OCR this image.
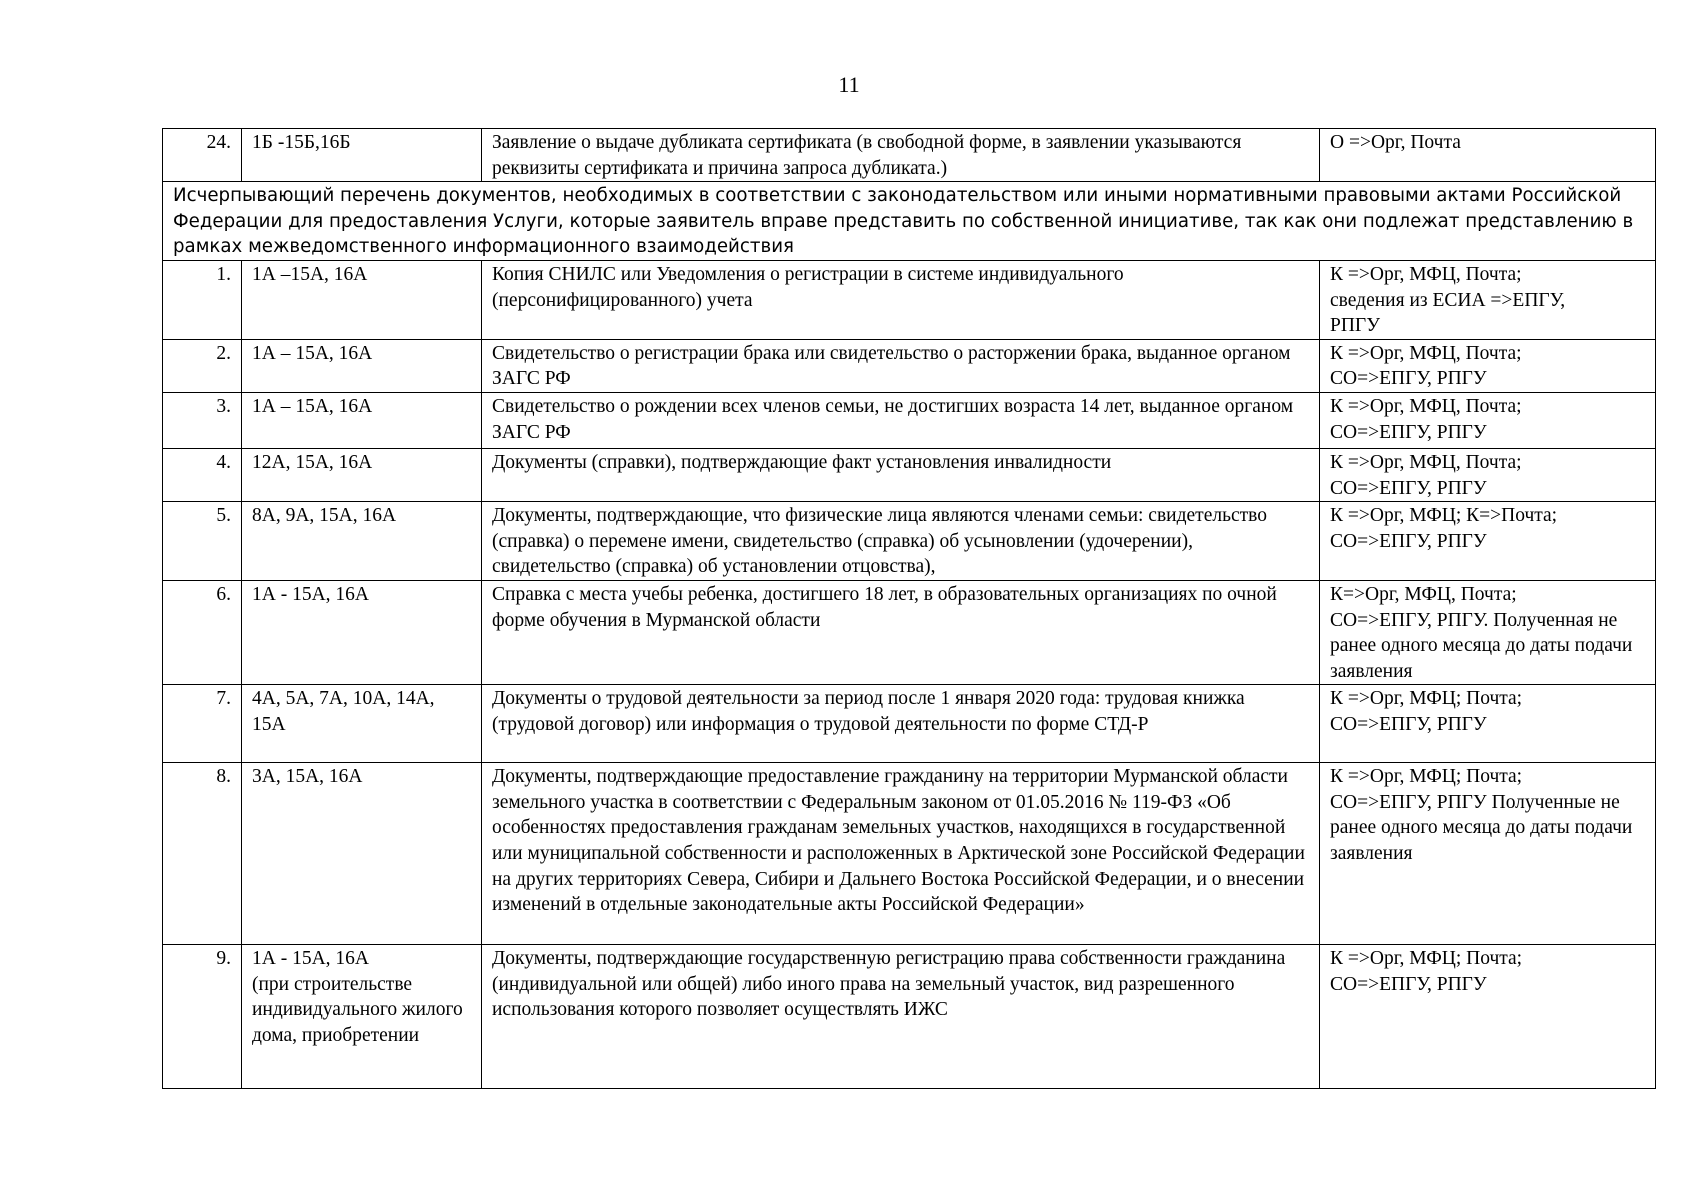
11
24.	1Б -15Б,16Б	Заявление о выдаче дубликата сертификата (в свободной форме, в заявлении указываются реквизиты сертификата и причина запроса дубликата.)	О =>Орг, Почта
Исчерпывающий перечень документов, необходимых в соответствии с законодательством или иными нормативными правовыми актами Российской Федерации для предоставления Услуги, которые заявитель вправе представить по собственной инициативе, так как они подлежат представлению в рамках межведомственного информационного взаимодействия			
1.	1А –15А, 16А	Копия СНИЛС или Уведомления о регистрации в системе индивидуального (персонифицированного) учета	К =>Орг, МФЦ, Почта;
сведения из ЕСИА =>ЕПГУ,
РПГУ
2.	1А – 15А, 16А	Свидетельство о регистрации брака или свидетельство о расторжении брака, выданное органом ЗАГС РФ	К =>Орг, МФЦ, Почта;
СО=>ЕПГУ, РПГУ
3.	1А – 15А, 16А	Свидетельство о рождении всех членов семьи, не достигших возраста 14 лет, выданное органом ЗАГС РФ	К =>Орг, МФЦ, Почта;
СО=>ЕПГУ, РПГУ
4.	12А, 15А, 16А	Документы (справки), подтверждающие факт установления инвалидности	К =>Орг, МФЦ, Почта;
СО=>ЕПГУ, РПГУ
5.	8А, 9А, 15А, 16А	Документы, подтверждающие, что физические лица являются членами семьи: свидетельство (справка) о перемене имени, свидетельство (справка) об усыновлении (удочерении), свидетельство (справка) об установлении отцовства),	К =>Орг, МФЦ; К=>Почта;
СО=>ЕПГУ, РПГУ
6.	1А - 15А, 16А	Справка с места учебы ребенка, достигшего 18 лет, в образовательных организациях по очной форме обучения в Мурманской области	К=>Орг, МФЦ, Почта;
СО=>ЕПГУ, РПГУ. Полученная не ранее одного месяца до даты подачи заявления
7.	4А, 5А, 7А, 10А, 14А, 15А	Документы о трудовой деятельности за период после 1 января 2020 года: трудовая книжка (трудовой договор) или информация о трудовой деятельности по форме СТД-Р	К =>Орг, МФЦ; Почта;
СО=>ЕПГУ, РПГУ
8.	3А, 15А, 16А	Документы, подтверждающие предоставление гражданину на территории Мурманской области земельного участка в соответствии с Федеральным законом от 01.05.2016 № 119-ФЗ «Об особенностях предоставления гражданам земельных участков, находящихся в государственной или муниципальной собственности и расположенных в Арктической зоне Российской Федерации на других территориях Севера, Сибири и Дальнего Востока Российской Федерации, и о внесении изменений в отдельные законодательные акты Российской Федерации»	К =>Орг, МФЦ; Почта;
СО=>ЕПГУ, РПГУ Полученные не ранее одного месяца до даты подачи заявления
9.	1А - 15А, 16А
(при строительстве индивидуального жилого дома, приобретении	Документы, подтверждающие государственную регистрацию права собственности гражданина (индивидуальной или общей) либо иного права на земельный участок, вид разрешенного использования которого позволяет осуществлять ИЖС	К =>Орг, МФЦ; Почта;
СО=>ЕПГУ, РПГУ
